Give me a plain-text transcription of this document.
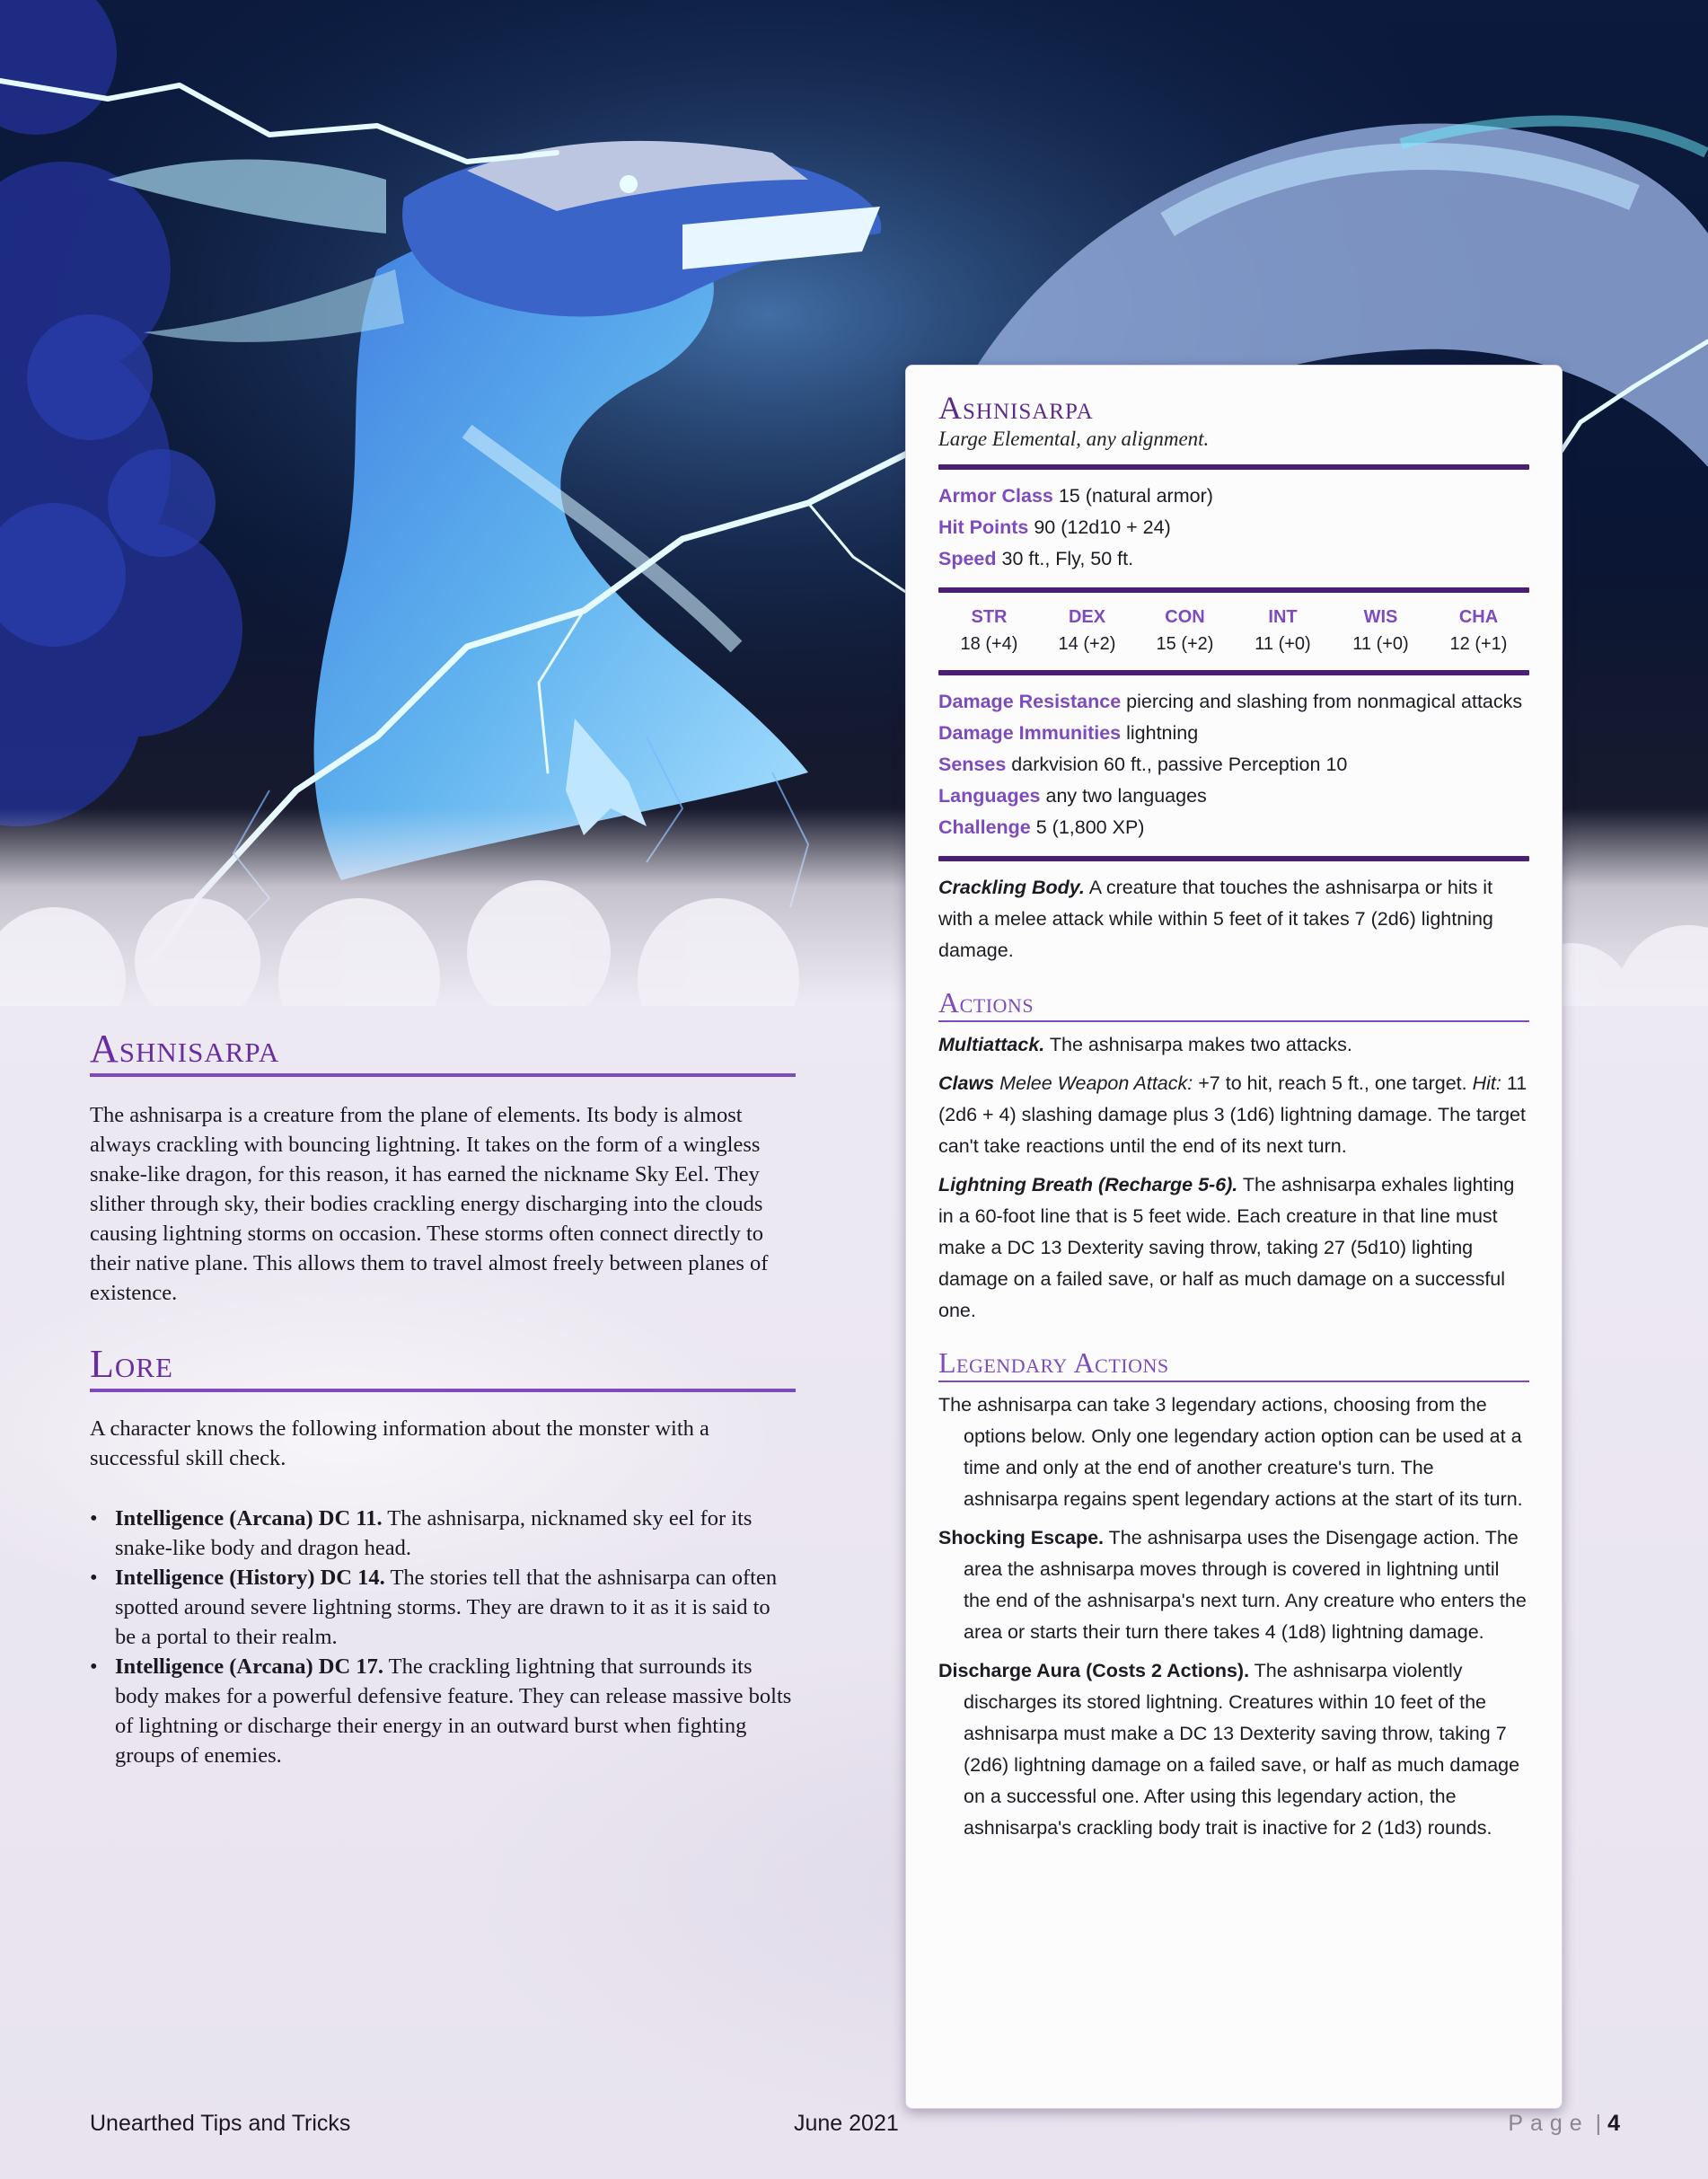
Ashnisarpa

The ashnisarpa is a creature from the plane of elements. Its body is almost always crackling with bouncing lightning. It takes on the form of a wingless snake-like dragon, for this reason, it has earned the nickname Sky Eel. They slither through sky, their bodies crackling energy discharging into the clouds causing lightning storms on occasion. These storms often connect directly to their native plane. This allows them to travel almost freely between planes of existence.

Lore

A character knows the following information about the monster with a successful skill check.

• Intelligence (Arcana) DC 11. The ashnisarpa, nicknamed sky eel for its snake-like body and dragon head.

• Intelligence (History) DC 14. The stories tell that the ashnisarpa can often spotted around severe lightning storms. They are drawn to it as it is said to be a portal to their realm.

• Intelligence (Arcana) DC 17. The crackling lightning that surrounds its body makes for a powerful defensive feature. They can release massive bolts of lightning or discharge their energy in an outward burst when fighting groups of enemies.

Ashnisarpa
Large Elemental, any alignment.
Armor Class 15 (natural armor)
Hit Points 90 (12d10 + 24)
Speed 30 ft., Fly, 50 ft.
STR
18 (+4)
DEX
14 (+2)
CON
15 (+2)
INT
11 (+0)
WIS
11 (+0)
CHA
12 (+1)
Damage Resistance piercing and slashing from nonmagical attacks
Damage Immunities lightning
Senses darkvision 60 ft., passive Perception 10
Languages any two languages
Challenge 5 (1,800 XP)

Crackling Body. A creature that touches the ashnisarpa or hits it with a melee attack while within 5 feet of it takes 7 (2d6) lightning damage.

Actions

Multiattack. The ashnisarpa makes two attacks.

Claws Melee Weapon Attack: +7 to hit, reach 5 ft., one target. Hit: 11 (2d6 + 4) slashing damage plus 3 (1d6) lightning damage. The target can't take reactions until the end of its next turn.

Lightning Breath (Recharge 5-6). The ashnisarpa exhales lighting in a 60-foot line that is 5 feet wide. Each creature in that line must make a DC 13 Dexterity saving throw, taking 27 (5d10) lighting damage on a failed save, or half as much damage on a successful one.

Legendary Actions

The ashnisarpa can take 3 legendary actions, choosing from the options below. Only one legendary action option can be used at a time and only at the end of another creature's turn. The ashnisarpa regains spent legendary actions at the start of its turn.

Shocking Escape. The ashnisarpa uses the Disengage action. The area the ashnisarpa moves through is covered in lightning until the end of the ashnisarpa's next turn. Any creature who enters the area or starts their turn there takes 4 (1d8) lightning damage.

Discharge Aura (Costs 2 Actions). The ashnisarpa violently discharges its stored lightning. Creatures within 10 feet of the ashnisarpa must make a DC 13 Dexterity saving throw, taking 7 (2d6) lightning damage on a failed save, or half as much damage on a successful one. After using this legendary action, the ashnisarpa's crackling body trait is inactive for 2 (1d3) rounds.

Unearthed Tips and Tricks	June 2021	Page | 4
